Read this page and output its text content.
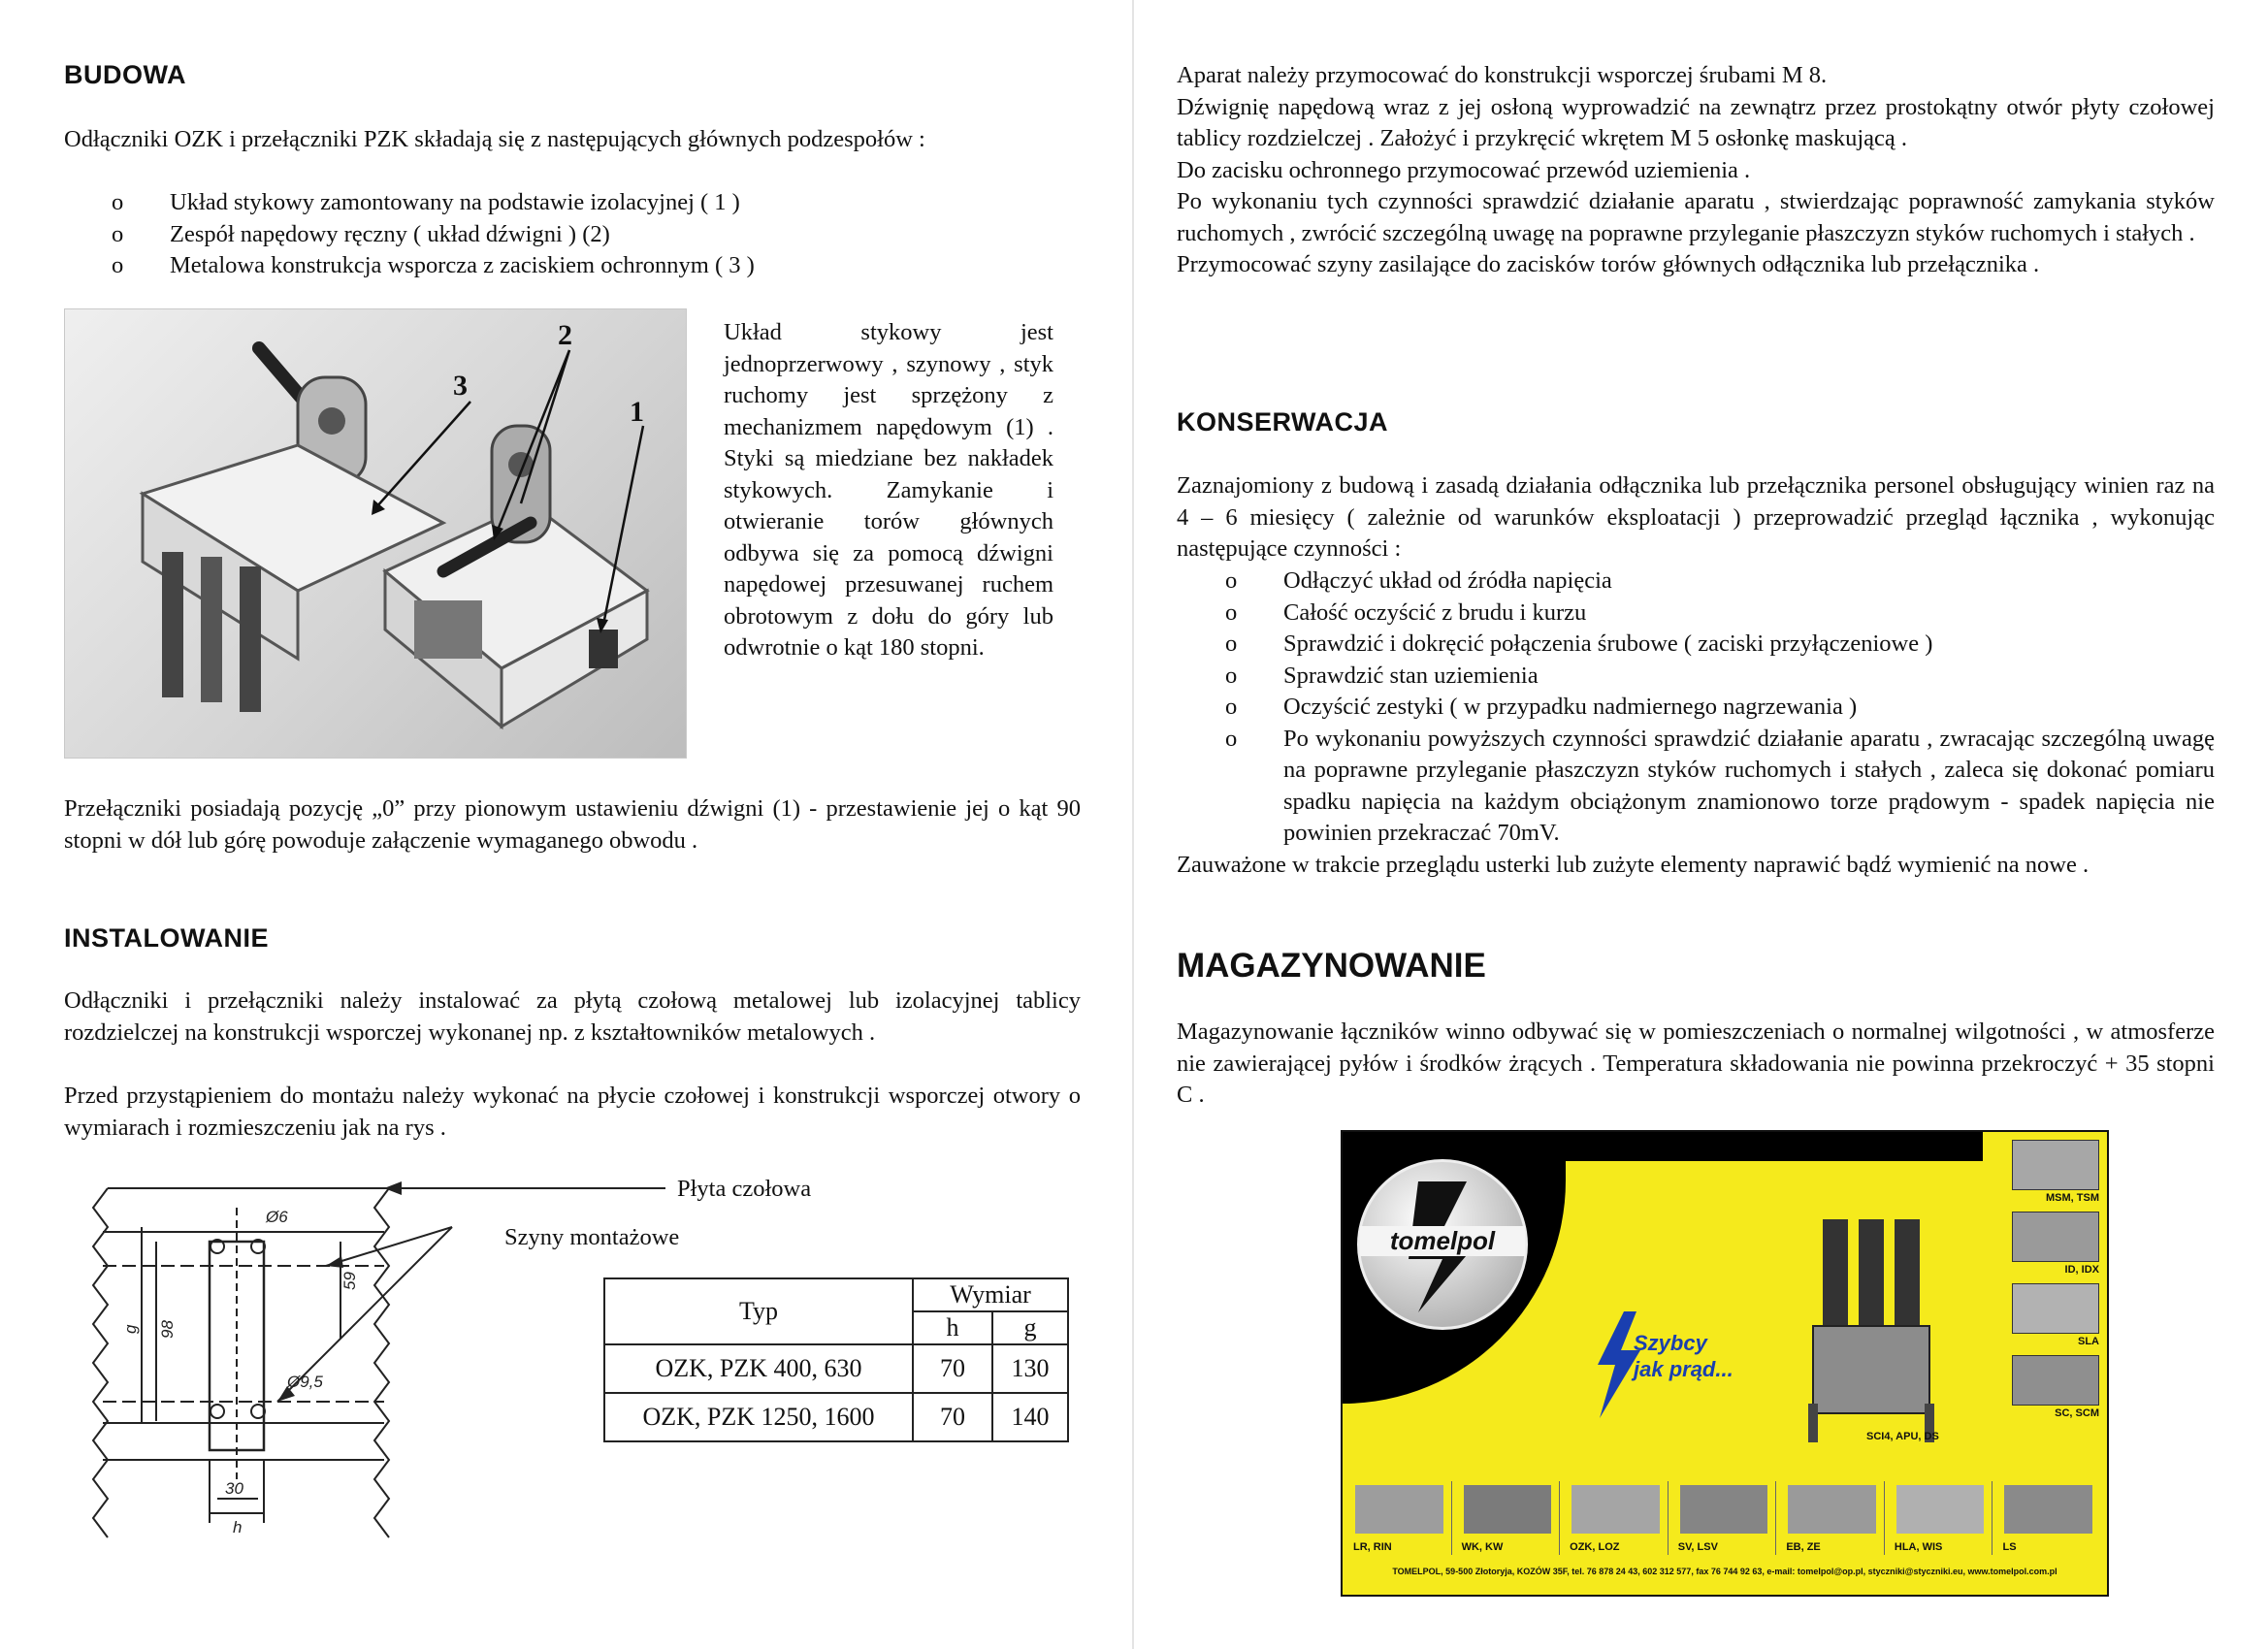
BUDOWA

Odłączniki OZK i przełączniki PZK składają się z następujących głównych podzespołów :

o	Układ stykowy zamontowany na podstawie izolacyjnej ( 1 )
o	Zespół napędowy ręczny ( układ dźwigni ) (2)
o	Metalowa konstrukcja wsporcza z zaciskiem ochronnym ( 3 )
3
2
1

Układ stykowy jest jednoprzerwowy , szynowy , styk ruchomy jest sprzężony z mechanizmem napędowym (1) . Styki są miedziane bez nakładek stykowych. Zamykanie i otwieranie torów głównych odbywa się za pomocą dźwigni napędowej przesuwanej ruchem obrotowym z dołu do góry lub odwrotnie o kąt 180 stopni.

Przełączniki posiadają pozycję „0” przy pionowym ustawieniu dźwigni (1) - przestawienie jej o kąt 90 stopni w dół lub górę powoduje załączenie wymaganego obwodu .

INSTALOWANIE

Odłączniki i przełączniki należy instalować za płytą czołową metalowej lub izolacyjnej tablicy rozdzielczej na konstrukcji wsporczej wykonanej np. z kształtowników metalowych .

Przed przystąpieniem do montażu należy wykonać na płycie czołowej i konstrukcji wsporczej otwory o wymiarach i rozmieszczeniu jak na rys .

Ø6
Ø9,5
59
98
g
30
h
Płyta czołowa
Szyny montażowe
Typ	Wymiar	
	h	g
OZK, PZK 400, 630	70	130
OZK, PZK 1250, 1600	70	140

Aparat należy przymocować do konstrukcji wsporczej śrubami M 8.

Dźwignię napędową wraz z jej osłoną wyprowadzić na zewnątrz przez prostokątny otwór płyty czołowej tablicy rozdzielczej . Założyć i przykręcić wkrętem M 5 osłonkę maskującą .

Do zacisku ochronnego przymocować przewód uziemienia .

Po wykonaniu tych czynności sprawdzić działanie aparatu , stwierdzając poprawność zamykania styków ruchomych , zwrócić szczególną uwagę na poprawne przyleganie płaszczyzn styków ruchomych i stałych .

Przymocować szyny zasilające do zacisków torów głównych odłącznika lub przełącznika .

KONSERWACJA

Zaznajomiony z budową i zasadą działania odłącznika lub przełącznika personel obsługujący winien raz na 4 – 6 miesięcy ( zależnie od warunków eksploatacji ) przeprowadzić przegląd łącznika , wykonując następujące czynności :

o	Odłączyć układ od źródła napięcia
o	Całość oczyścić z brudu i kurzu
o	Sprawdzić i dokręcić połączenia śrubowe ( zaciski przyłączeniowe )
o	Sprawdzić stan uziemienia
o	Oczyścić zestyki ( w przypadku nadmiernego nagrzewania )
o	Po wykonaniu powyższych czynności sprawdzić działanie aparatu , zwracając szczególną uwagę na poprawne przyleganie płaszczyzn styków ruchomych i stałych , zaleca się dokonać pomiaru spadku napięcia na każdym obciążonym znamionowo torze prądowym - spadek napięcia nie powinien przekraczać 70mV.

Zauważone w trakcie przeglądu usterki lub zużyte elementy naprawić bądź wymienić na nowe .

MAGAZYNOWANIE

Magazynowanie łączników winno odbywać się w pomieszczeniach o normalnej wilgotności , w atmosferze nie zawierającej pyłów i środków żrących . Temperatura składowania nie powinna przekroczyć + 35 stopni C .

tomelpol
Szybcy
jak prąd...
SCI4, APU, DS
MSM, TSM
ID, IDX
SLA
SC, SCM
LR, RIN	WK, KW	OZK, LOZ	SV, LSV	EB, ZE	HLA, WIS	LS
TOMELPOL, 59-500 Złotoryja, KOZÓW 35F, tel. 76 878 24 43, 602 312 577, fax 76 744 92 63, e-mail: tomelpol@op.pl, styczniki@styczniki.eu, www.tomelpol.com.pl
